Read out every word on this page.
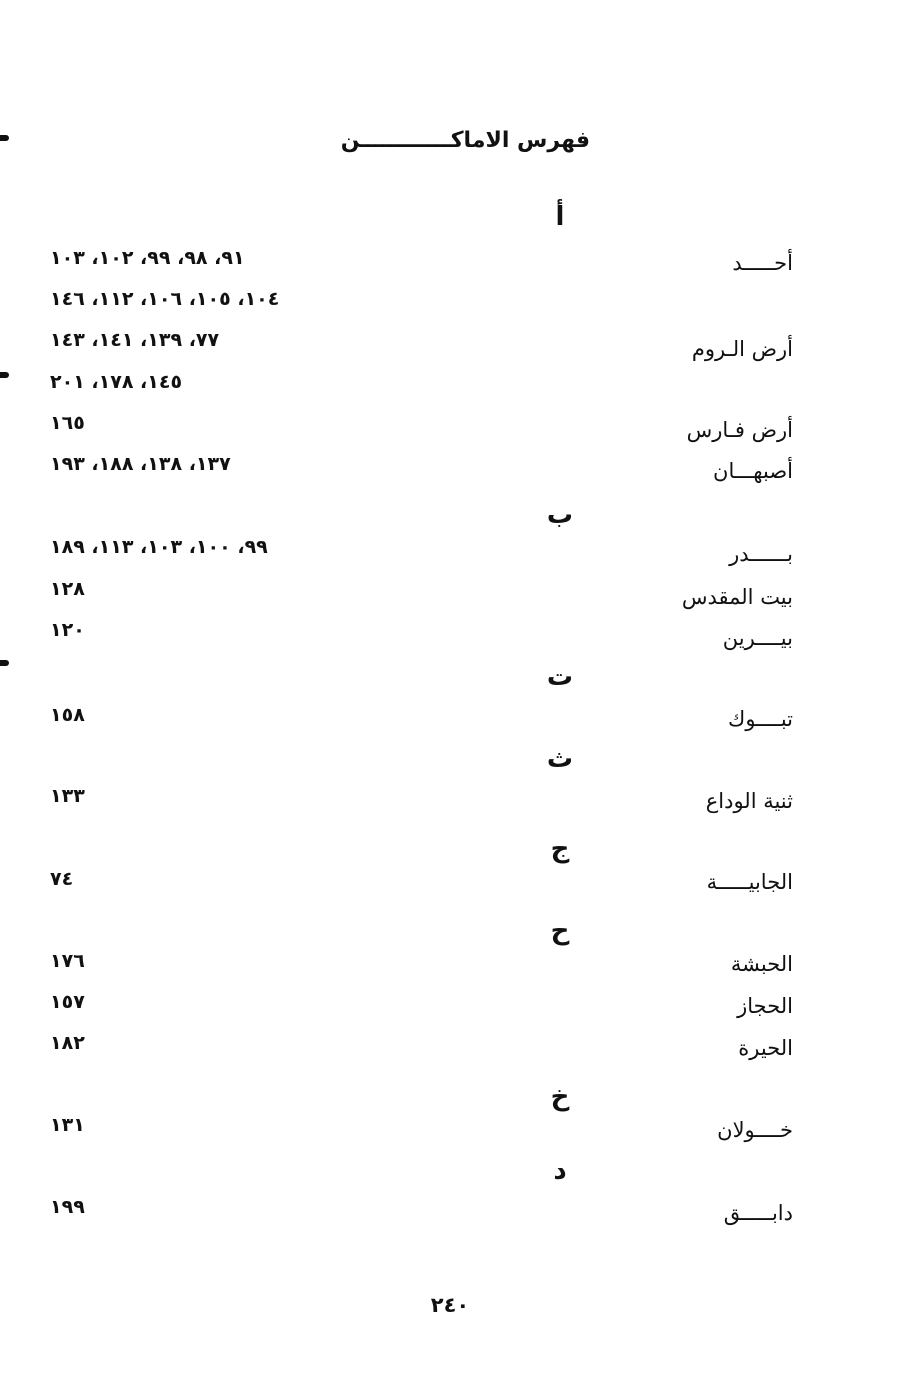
فهرس الاماكــــــــــــن
أ
ب
ت
ث
ج
ح
خ
د
أحـــــد
أرض الـروم
أرض فـارس
أصبهـــان
بــــــدر
بيت المقدس
بيــــرين
تبــــوك
ثنية الوداع
الجابيـــــة
الحبشة
الحجاز
الحيرة
خــــولان
دابـــــق
٩١، ٩٨، ٩٩، ١٠٢، ١٠٣
١٠٤، ١٠٥، ١٠٦، ١١٢، ١٤٦
٧٧، ١٣٩، ١٤١، ١٤٣
١٤٥، ١٧٨، ٢٠١
١٦٥
١٣٧، ١٣٨، ١٨٨، ١٩٣
٩٩، ١٠٠، ١٠٣، ١١٣، ١٨٩
١٢٨
١٢٠
١٥٨
١٣٣
٧٤
١٧٦
١٥٧
١٨٢
١٣١
١٩٩
٢٤٠
